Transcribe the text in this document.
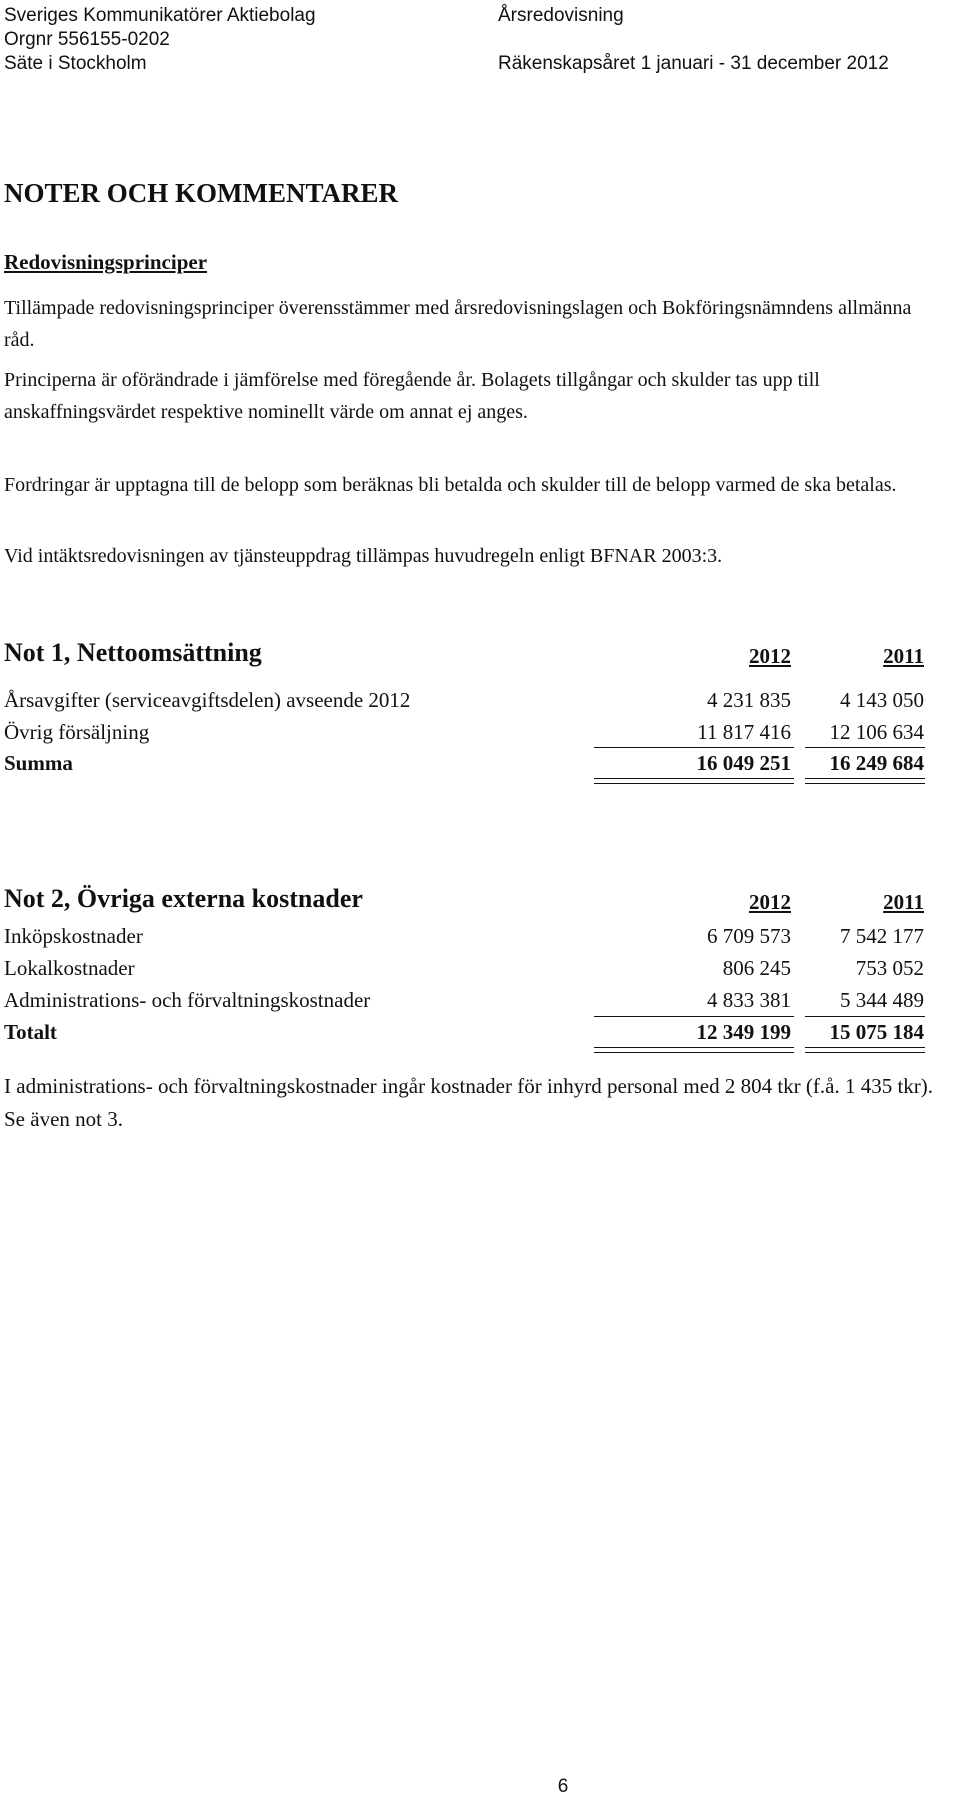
Sveriges Kommunikatörer Aktiebolag
Orgnr 556155-0202
Säte i Stockholm
Årsredovisning
Räkenskapsåret 1 januari - 31 december 2012
NOTER OCH KOMMENTARER
Redovisningsprinciper
Tillämpade redovisningsprinciper överensstämmer med årsredovisningslagen och Bokföringsnämndens allmänna råd.
Principerna är oförändrade i jämförelse med föregående år. Bolagets tillgångar och skulder tas upp till anskaffningsvärdet respektive nominellt värde om annat ej anges.
Fordringar är upptagna till de belopp som beräknas bli betalda och skulder till de belopp varmed de ska betalas.
Vid intäktsredovisningen av tjänsteuppdrag tillämpas huvudregeln enligt BFNAR 2003:3.
Not 1, Nettoomsättning	2012	2011
Årsavgifter (serviceavgiftsdelen) avseende 2012	4 231 835	4 143 050
Övrig försäljning	11 817 416	12 106 634
Summa	16 049 251	16 249 684
Not 2, Övriga externa kostnader	2012	2011
Inköpskostnader	6 709 573	7 542 177
Lokalkostnader	806 245	753 052
Administrations- och förvaltningskostnader	4 833 381	5 344 489
Totalt	12 349 199	15 075 184
I administrations- och förvaltningskostnader ingår kostnader för inhyrd personal med 2 804 tkr (f.å. 1 435 tkr). Se även not 3.
6
